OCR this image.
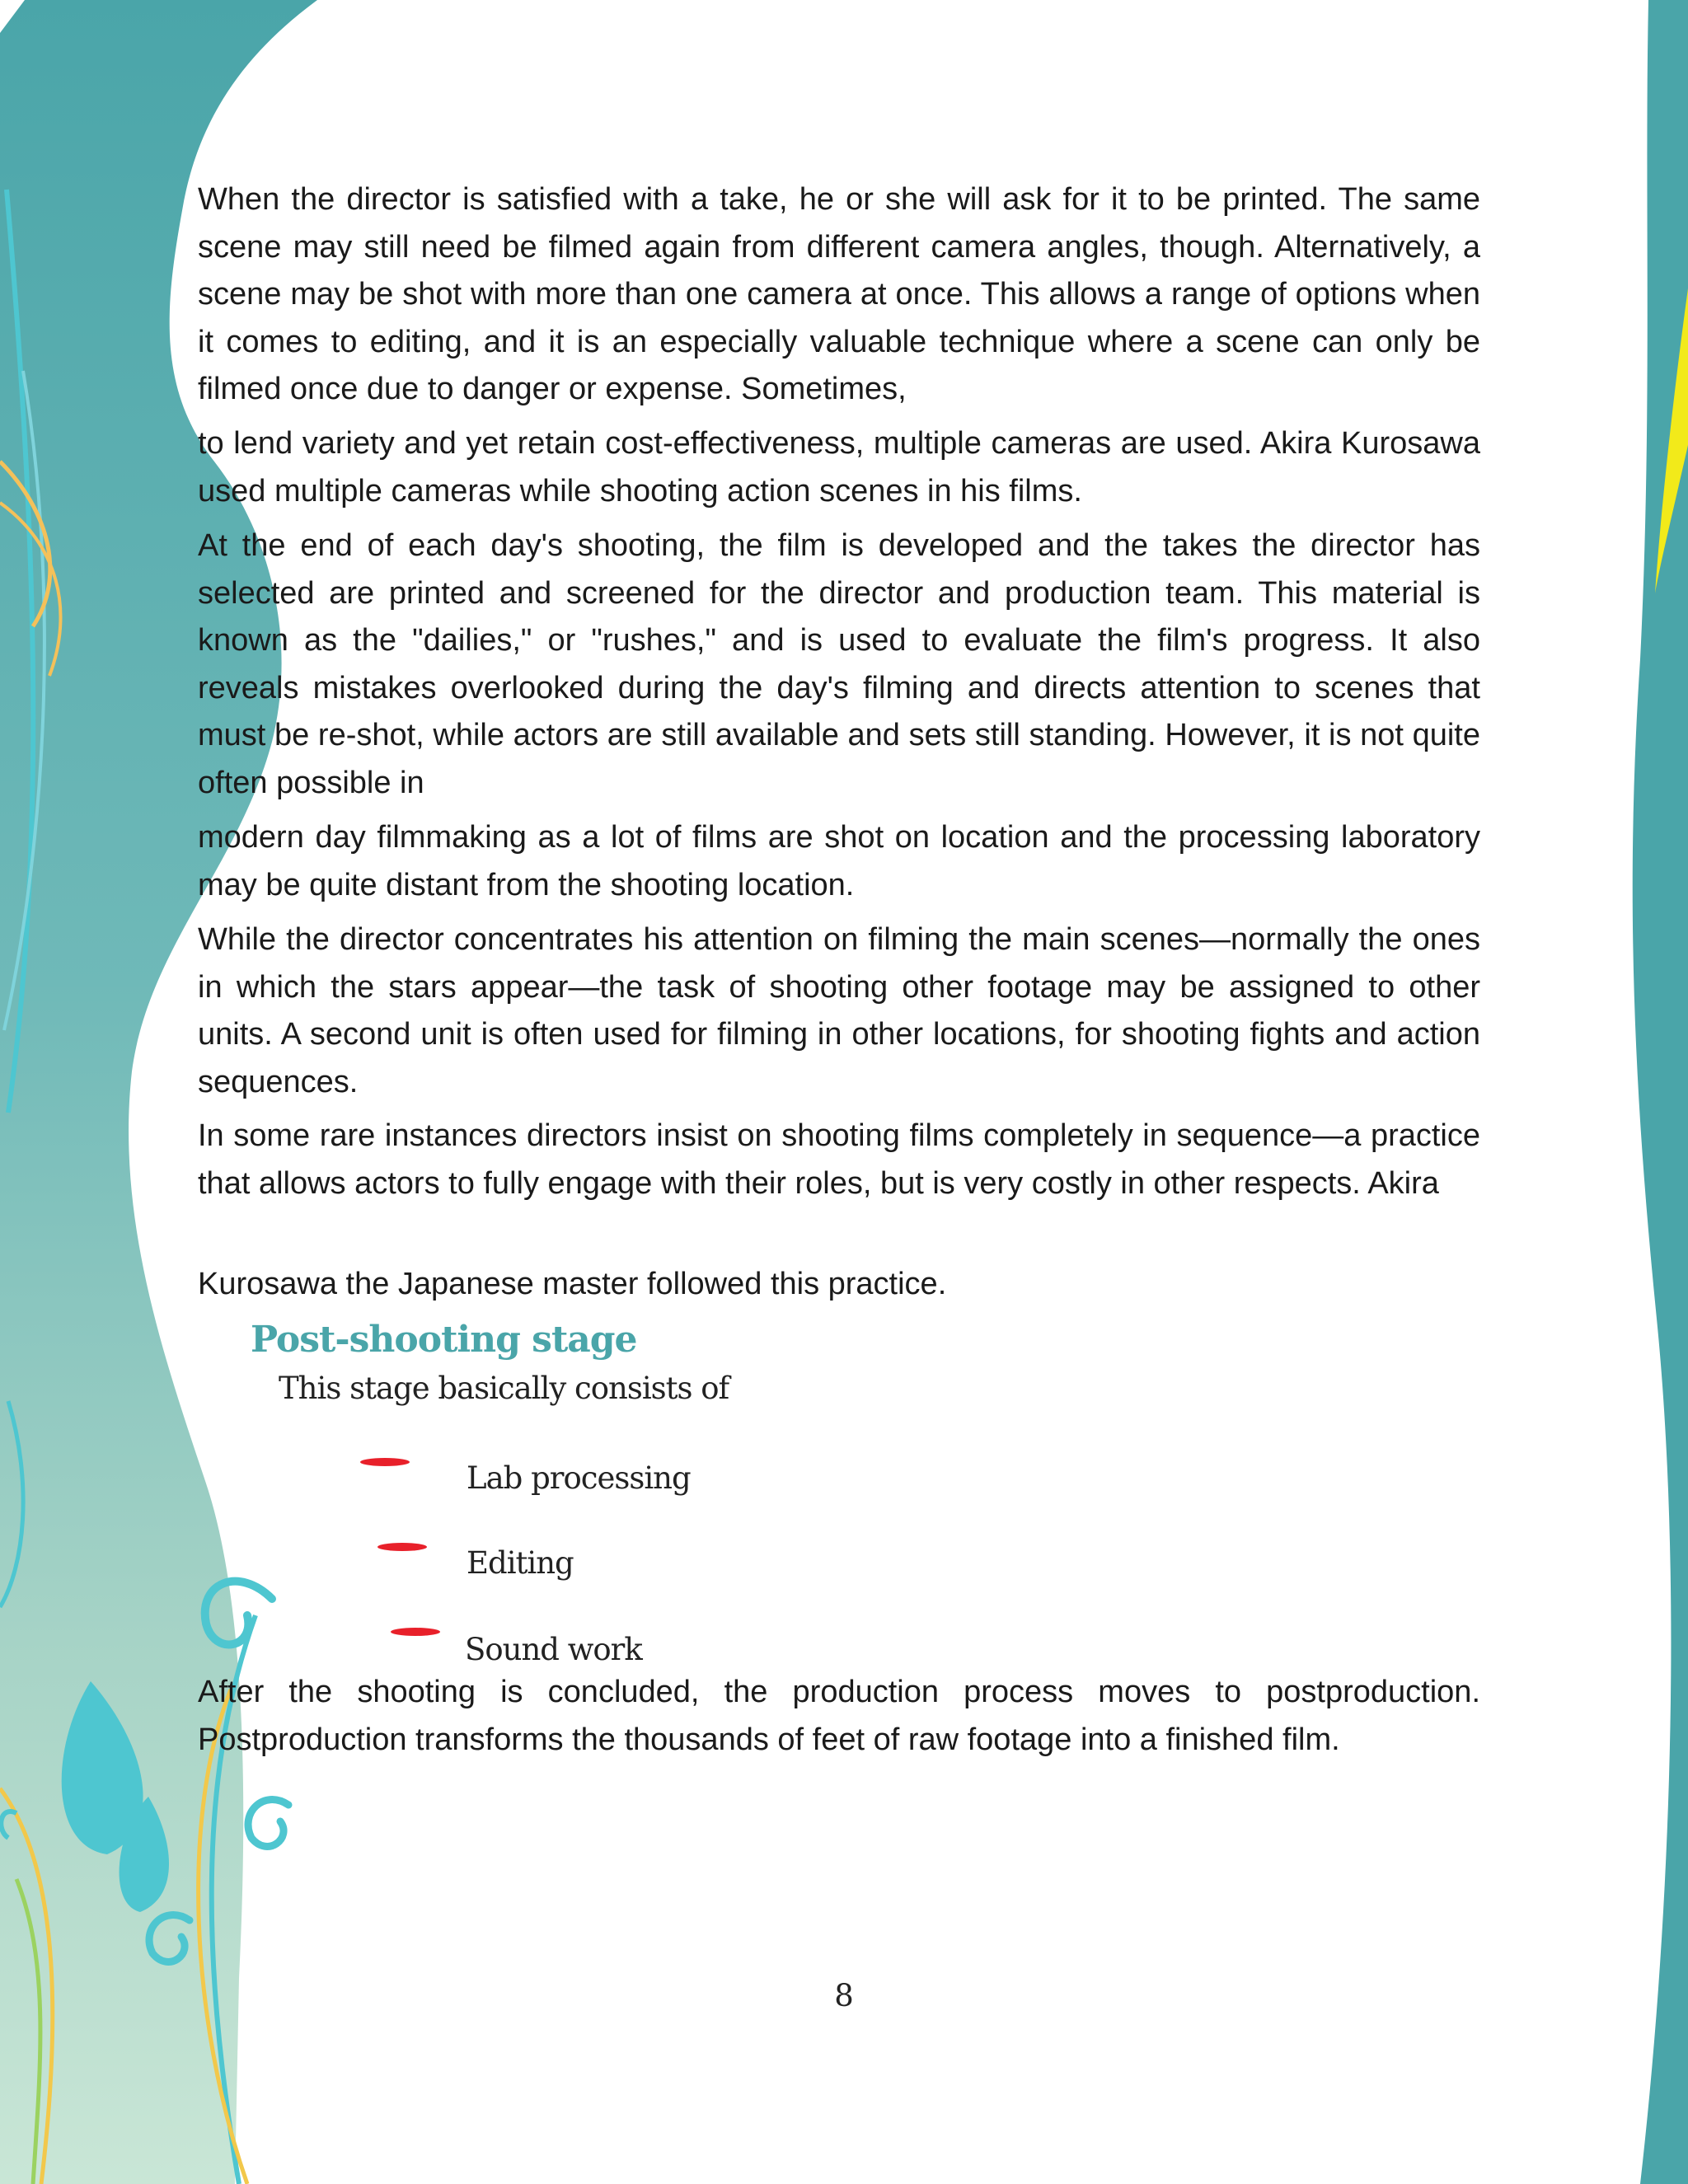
When the director is satisfied with a take, he or she will ask for it to be printed. The same scene may still need be filmed again from different camera angles, though. Alternatively, a scene may be shot with more than one camera at once. This allows a range of options when it comes to editing, and it is an especially valuable technique where a scene can only be filmed once due to danger or expense. Sometimes,

to lend variety and yet retain cost-effectiveness, multiple cameras are used. Akira Kurosawa used multiple cameras while shooting action scenes in his films.

At the end of each day's shooting, the film is developed and the takes the director has selected are printed and screened for the director and production team. This material is known as the "dailies," or "rushes," and is used to evaluate the film's progress. It also reveals mistakes overlooked during the day's filming and directs attention to scenes that must be re-shot, while actors are still available and sets still standing. However, it is not quite often possible in

modern day filmmaking as a lot of films are shot on location and the processing laboratory may be quite distant from the shooting location.

While the director concentrates his attention on filming the main scenes—normally the ones in which the stars appear—the task of shooting other footage may be assigned to other units. A second unit is often used for filming in other locations, for shooting fights and action sequences.

In some rare instances directors insist on shooting films completely in sequence—a practice that allows actors to fully engage with their roles, but is very costly in other respects. Akira

Kurosawa the Japanese master followed this practice.

Post-shooting stage
This stage basically consists of
Lab processing
Editing
Sound work

After the shooting is concluded, the production process moves to postproduction. Postproduction transforms the thousands of feet of raw footage into a finished film.

8
